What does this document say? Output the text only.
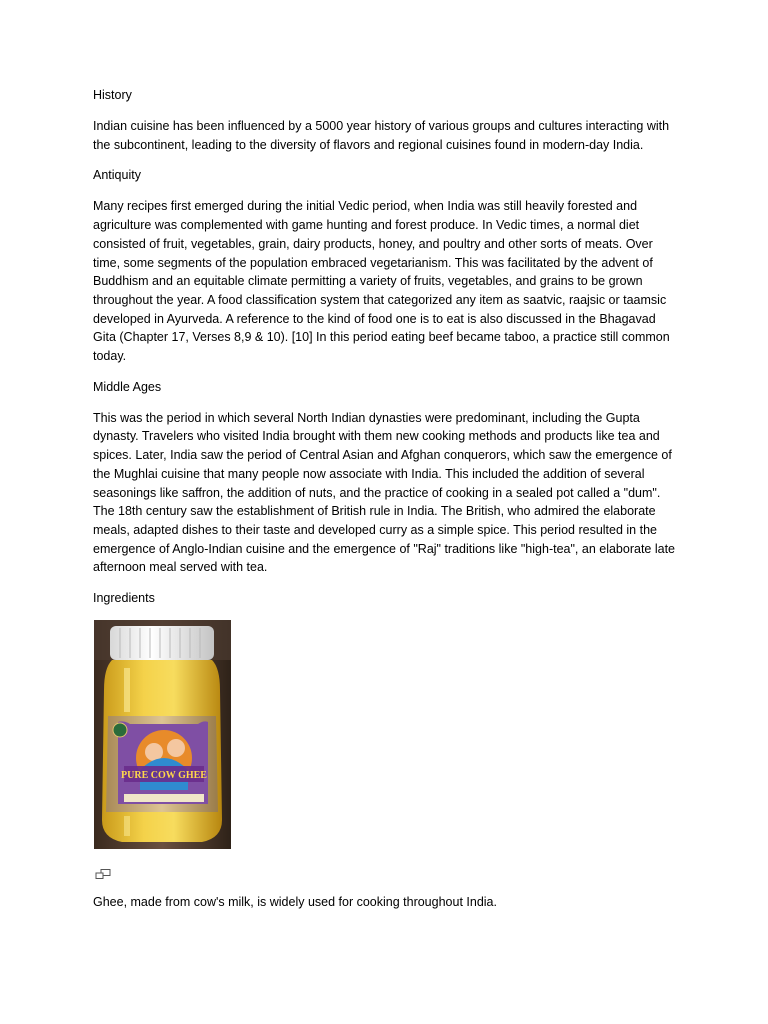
History

Indian cuisine has been influenced by a 5000 year history of various groups and cultures interacting with the subcontinent, leading to the diversity of flavors and regional cuisines found in modern-day India.

Antiquity

Many recipes first emerged during the initial Vedic period, when India was still heavily forested and agriculture was complemented with game hunting and forest produce. In Vedic times, a normal diet consisted of fruit, vegetables, grain, dairy products, honey, and poultry and other sorts of meats. Over time, some segments of the population embraced vegetarianism. This was facilitated by the advent of Buddhism and an equitable climate permitting a variety of fruits, vegetables, and grains to be grown throughout the year. A food classification system that categorized any item as saatvic, raajsic or taamsic developed in Ayurveda. A reference to the kind of food one is to eat is also discussed in the Bhagavad Gita (Chapter 17, Verses 8,9 & 10). [10] In this period eating beef became taboo, a practice still common today.

Middle Ages

This was the period in which several North Indian dynasties were predominant, including the Gupta dynasty. Travelers who visited India brought with them new cooking methods and products like tea and spices. Later, India saw the period of Central Asian and Afghan conquerors, which saw the emergence of the Mughlai cuisine that many people now associate with India. This included the addition of several seasonings like saffron, the addition of nuts, and the practice of cooking in a sealed pot called a "dum". The 18th century saw the establishment of British rule in India. The British, who admired the elaborate meals, adapted dishes to their taste and developed curry as a simple spice. This period resulted in the emergence of Anglo-Indian cuisine and the emergence of "Raj" traditions like "high-tea", an elaborate late afternoon meal served with tea.

Ingredients
PURE COW GHEE
Ghee, made from cow's milk, is widely used for cooking throughout India.
